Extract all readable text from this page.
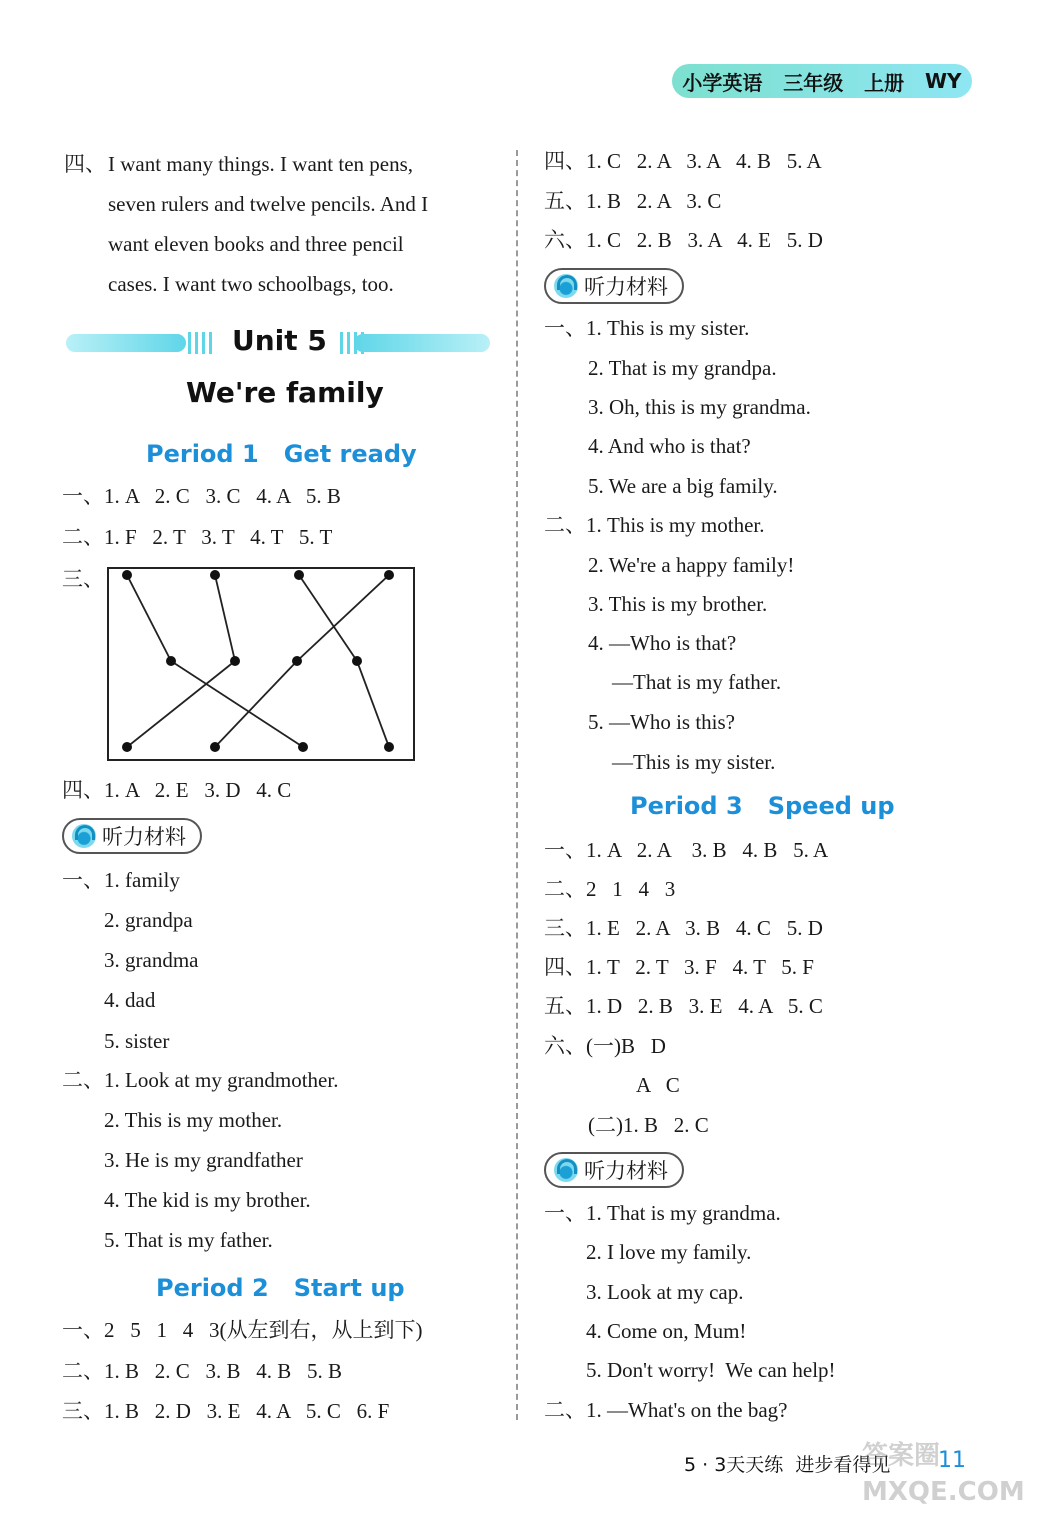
小学英语 三年级 上册 WY
四、 I want many things. I want ten pens,
seven rulers and twelve pencils. And I
want eleven books and three pencil
cases. I want two schoolbags, too.
Unit 5
We're family
Period 1   Get ready
一、1. A   2. C   3. C   4. A   5. B
二、1. F   2. T   3. T   4. T   5. T
三、
四、1. A   2. E   3. D   4. C
听力材料
一、1. family
2. grandpa
3. grandma
4. dad
5. sister
二、1. Look at my grandmother.
2. This is my mother.
3. He is my grandfather
4. The kid is my brother.
5. That is my father.
Period 2   Start up
一、2   5   1   4   3(从左到右，从上到下)
二、1. B   2. C   3. B   4. B   5. B
三、1. B   2. D   3. E   4. A   5. C   6. F
四、1. C   2. A   3. A   4. B   5. A
五、1. B   2. A   3. C
六、1. C   2. B   3. A   4. E   5. D
听力材料
一、1. This is my sister.
2. That is my grandpa.
3. Oh, this is my grandma.
4. And who is that?
5. We are a big family.
二、1. This is my mother.
2. We're a happy family!
3. This is my brother.
4. —Who is that?
—That is my father.
5. —Who is this?
—This is my sister.
Period 3   Speed up
一、1. A   2. A    3. B   4. B   5. A
二、2   1   4   3
三、1. E   2. A   3. B   4. C   5. D
四、1. T   2. T   3. F   4. T   5. F
五、1. D   2. B   3. E   4. A   5. C
六、(一)B   D
A   C
(二)1. B   2. C
听力材料
一、1. That is my grandma.
2. I love my family.
3. Look at my cap.
4. Come on, Mum!
5. Don't worry!  We can help!
二、1. —What's on the bag?
5 · 3天天练  进步看得见 11
答案圈 MXQE.COM
